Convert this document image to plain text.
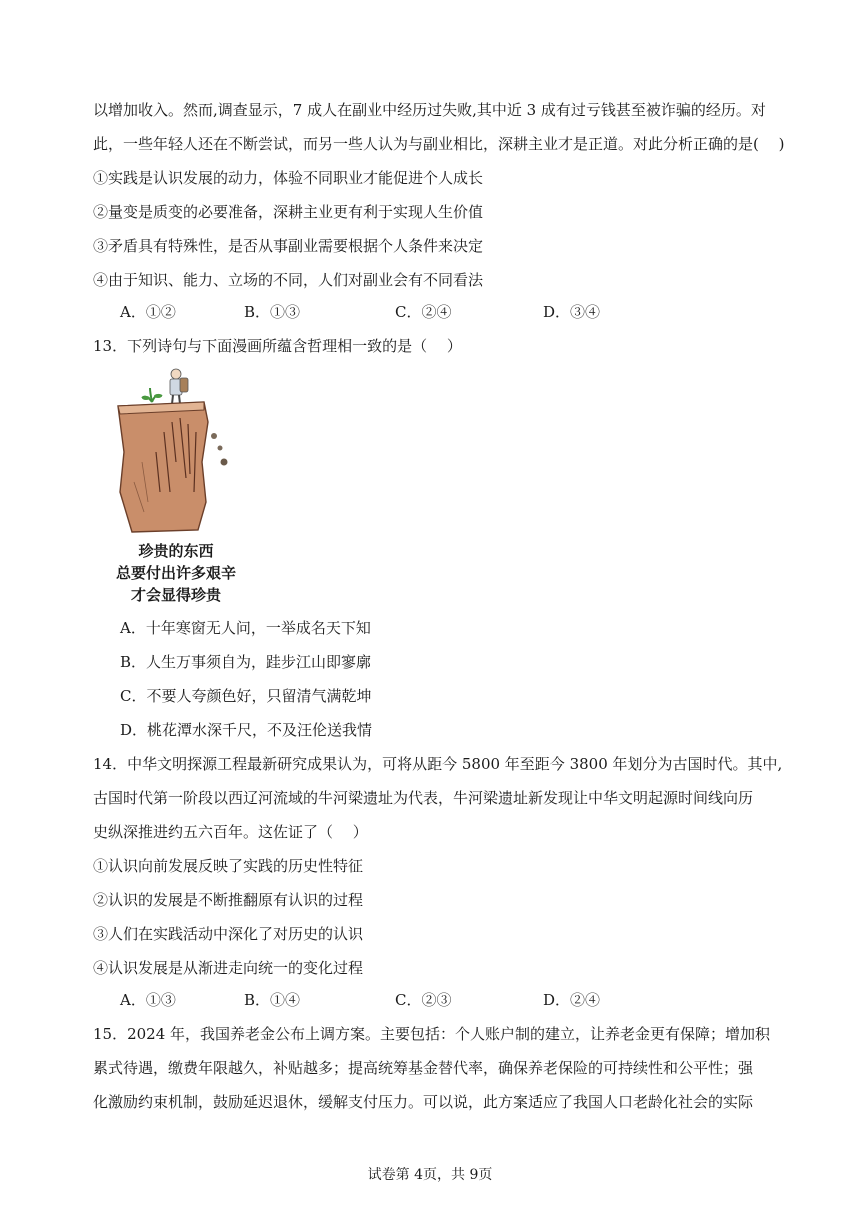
以增加收入。然而,调查显示，7 成人在副业中经历过失败,其中近 3 成有过亏钱甚至被诈骗的经历。对
此，一些年轻人还在不断尝试，而另一些人认为与副业相比，深耕主业才是正道。对此分析正确的是(　 )
①实践是认识发展的动力，体验不同职业才能促进个人成长
②量变是质变的必要准备，深耕主业更有利于实现人生价值
③矛盾具有特殊性，是否从事副业需要根据个人条件来决定
④由于知识、能力、立场的不同，人们对副业会有不同看法
A．①②	B．①③	C．②④	D．③④
13．下列诗句与下面漫画所蕴含哲理相一致的是（　 ）
珍贵的东西
总要付出许多艰辛
才会显得珍贵
A．十年寒窗无人问，一举成名天下知
B．人生万事须自为，跬步江山即寥廓
C．不要人夸颜色好，只留清气满乾坤
D．桃花潭水深千尺，不及汪伦送我情
14．中华文明探源工程最新研究成果认为，可将从距今 5800 年至距今 3800 年划分为古国时代。其中,
古国时代第一阶段以西辽河流域的牛河梁遗址为代表，牛河梁遗址新发现让中华文明起源时间线向历
史纵深推进约五六百年。这佐证了（　 ）
①认识向前发展反映了实践的历史性特征
②认识的发展是不断推翻原有认识的过程
③人们在实践活动中深化了对历史的认识
④认识发展是从渐进走向统一的变化过程
A．①③	B．①④	C．②③	D．②④
15．2024 年，我国养老金公布上调方案。主要包括：个人账户制的建立，让养老金更有保障；增加积
累式待遇，缴费年限越久，补贴越多；提高统筹基金替代率，确保养老保险的可持续性和公平性；强
化激励约束机制，鼓励延迟退休，缓解支付压力。可以说，此方案适应了我国人口老龄化社会的实际
试卷第 4页，共 9页
